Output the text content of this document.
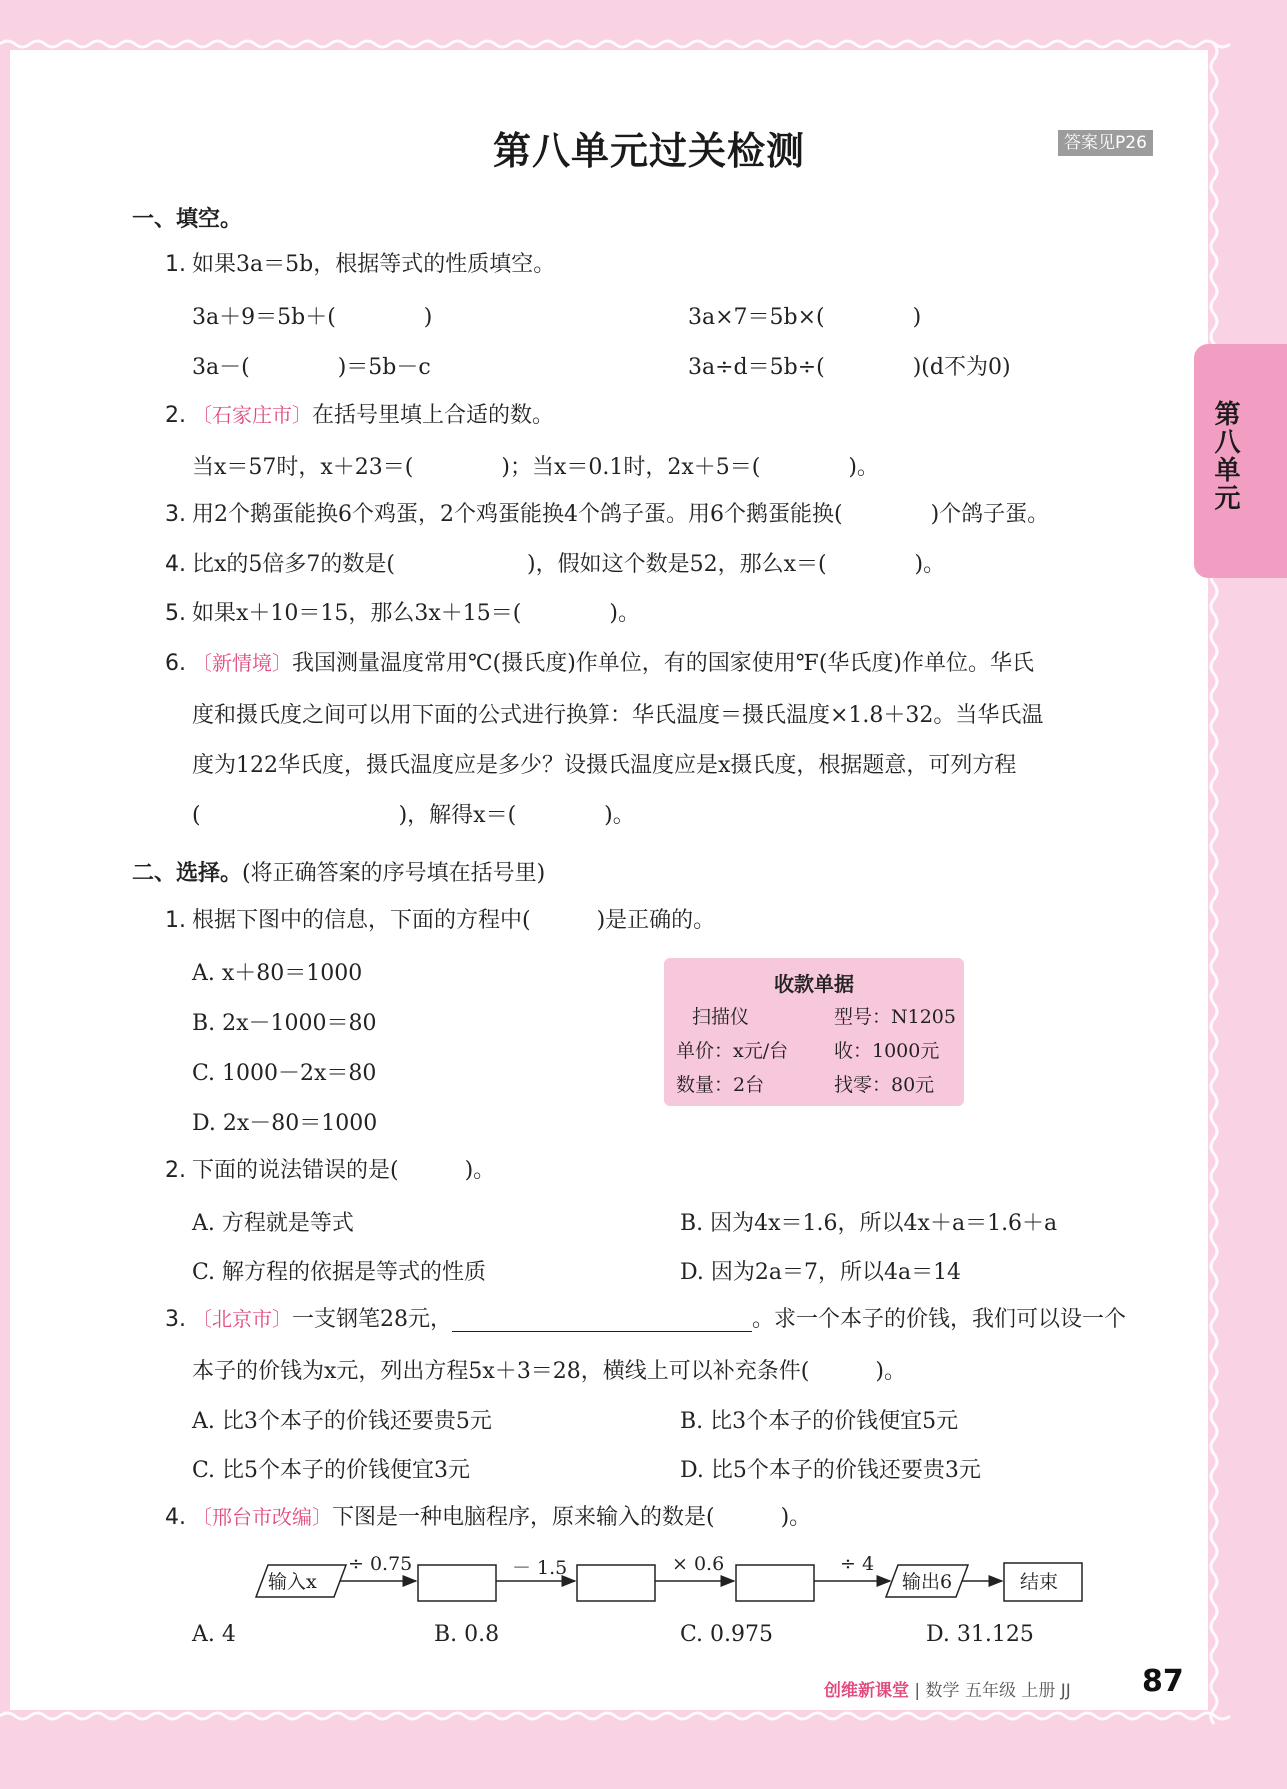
第八单元
第八单元过关检测	答案见P26
一、填空。
1. 如果3a＝5b，根据等式的性质填空。
3a＋9＝5b＋(　　　　)	3a×7＝5b×(　　　　)
3a－(　　　　)＝5b－c	3a÷d＝5b÷(　　　　)(d不为0)
2. 〔石家庄市〕在括号里填上合适的数。
当x＝57时，x＋23＝(　　　　)；当x＝0.1时，2x＋5＝(　　　　)。
3. 用2个鹅蛋能换6个鸡蛋，2个鸡蛋能换4个鸽子蛋。用6个鹅蛋能换(　　　　)个鸽子蛋。
4. 比x的5倍多7的数是(　　　　　　)，假如这个数是52，那么x＝(　　　　)。
5. 如果x＋10＝15，那么3x＋15＝(　　　　)。
6. 〔新情境〕我国测量温度常用℃(摄氏度)作单位，有的国家使用℉(华氏度)作单位。华氏
度和摄氏度之间可以用下面的公式进行换算：华氏温度＝摄氏温度×1.8＋32。当华氏温
度为122华氏度，摄氏温度应是多少？设摄氏温度应是x摄氏度，根据题意，可列方程
(　　　　　　　　　)，解得x＝(　　　　)。
二、选择。(将正确答案的序号填在括号里)
1. 根据下图中的信息，下面的方程中(　　　)是正确的。
A. x＋80＝1000
B. 2x－1000＝80
C. 1000－2x＝80
D. 2x－80＝1000
收款单据
扫描仪	型号：N1205
单价：x元/台 收：1000元
数量：2台	找零：80元
2. 下面的说法错误的是(　　　)。
A. 方程就是等式	B. 因为4x＝1.6，所以4x＋a＝1.6＋a
C. 解方程的依据是等式的性质	D. 因为2a＝7，所以4a＝14
3. 〔北京市〕一支钢笔28元，	。求一个本子的价钱，我们可以设一个
本子的价钱为x元，列出方程5x＋3＝28，横线上可以补充条件(　　　)。
A. 比3个本子的价钱还要贵5元	B. 比3个本子的价钱便宜5元
C. 比5个本子的价钱便宜3元	D. 比5个本子的价钱还要贵3元
4. 〔邢台市改编〕下图是一种电脑程序，原来输入的数是(　　　)。
输入x
÷ 0.75	－ 1.5	× 0.6	÷ 4
输出6	结束
A. 4	B. 0.8	C. 0.975	D. 31.125
创维新课堂 | 数学 五年级 上册 JJ 87
